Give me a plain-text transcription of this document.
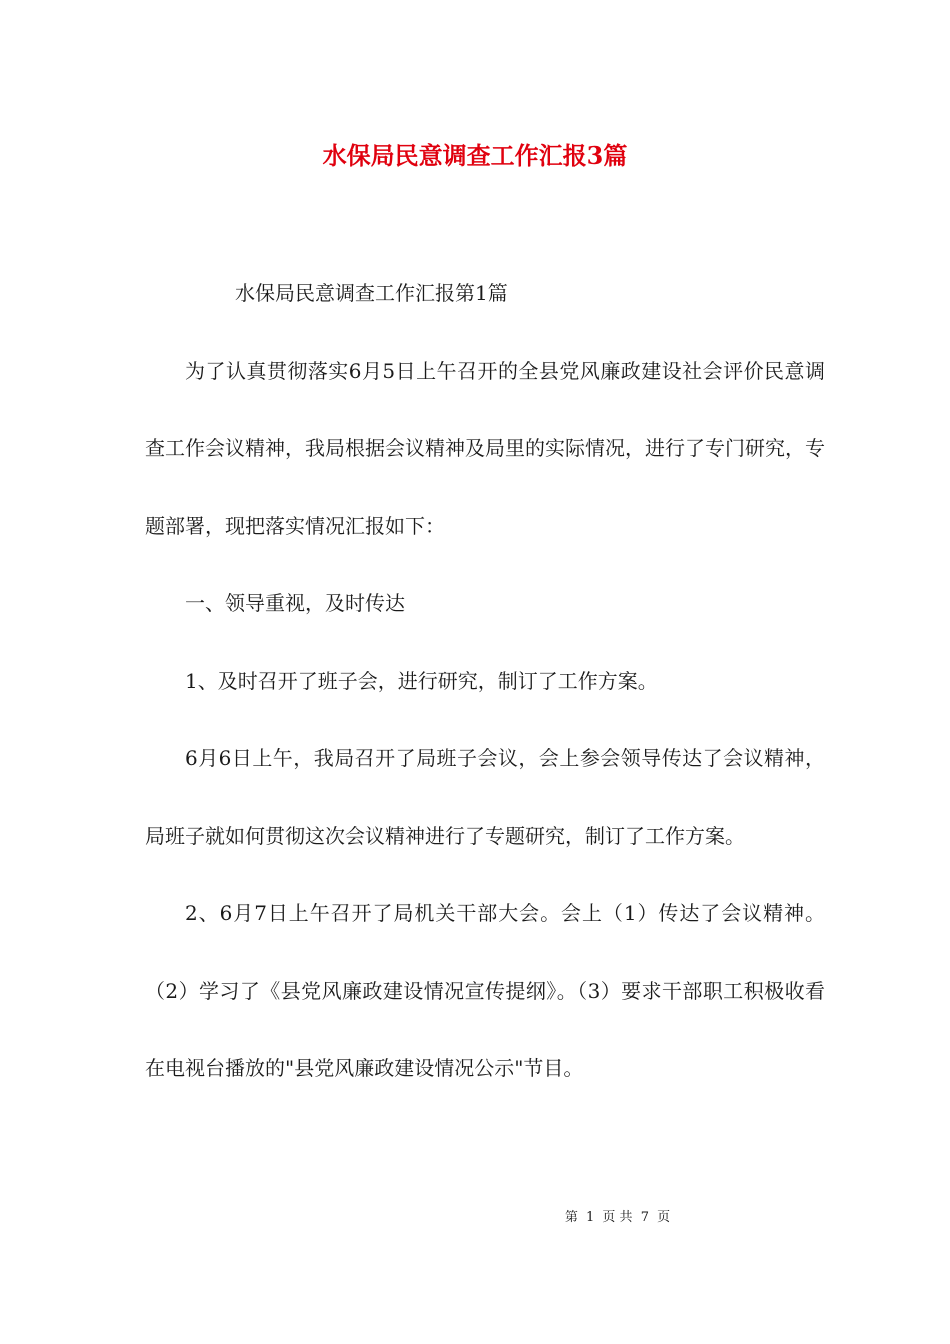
水保局民意调查工作汇报3篇

水保局民意调查工作汇报第1篇

为了认真贯彻落实6月5日上午召开的全县党风廉政建设社会评价民意调查工作会议精神，我局根据会议精神及局里的实际情况，进行了专门研究，专题部署，现把落实情况汇报如下：

一、领导重视，及时传达

1、及时召开了班子会，进行研究，制订了工作方案。

6月6日上午，我局召开了局班子会议，会上参会领导传达了会议精神，局班子就如何贯彻这次会议精神进行了专题研究，制订了工作方案。

2、6月7日上午召开了局机关干部大会。会上（1）传达了会议精神。（2）学习了《县党风廉政建设情况宣传提纲》。（3）要求干部职工积极收看在电视台播放的"县党风廉政建设情况公示"节目。

第 1 页 共 7 页
